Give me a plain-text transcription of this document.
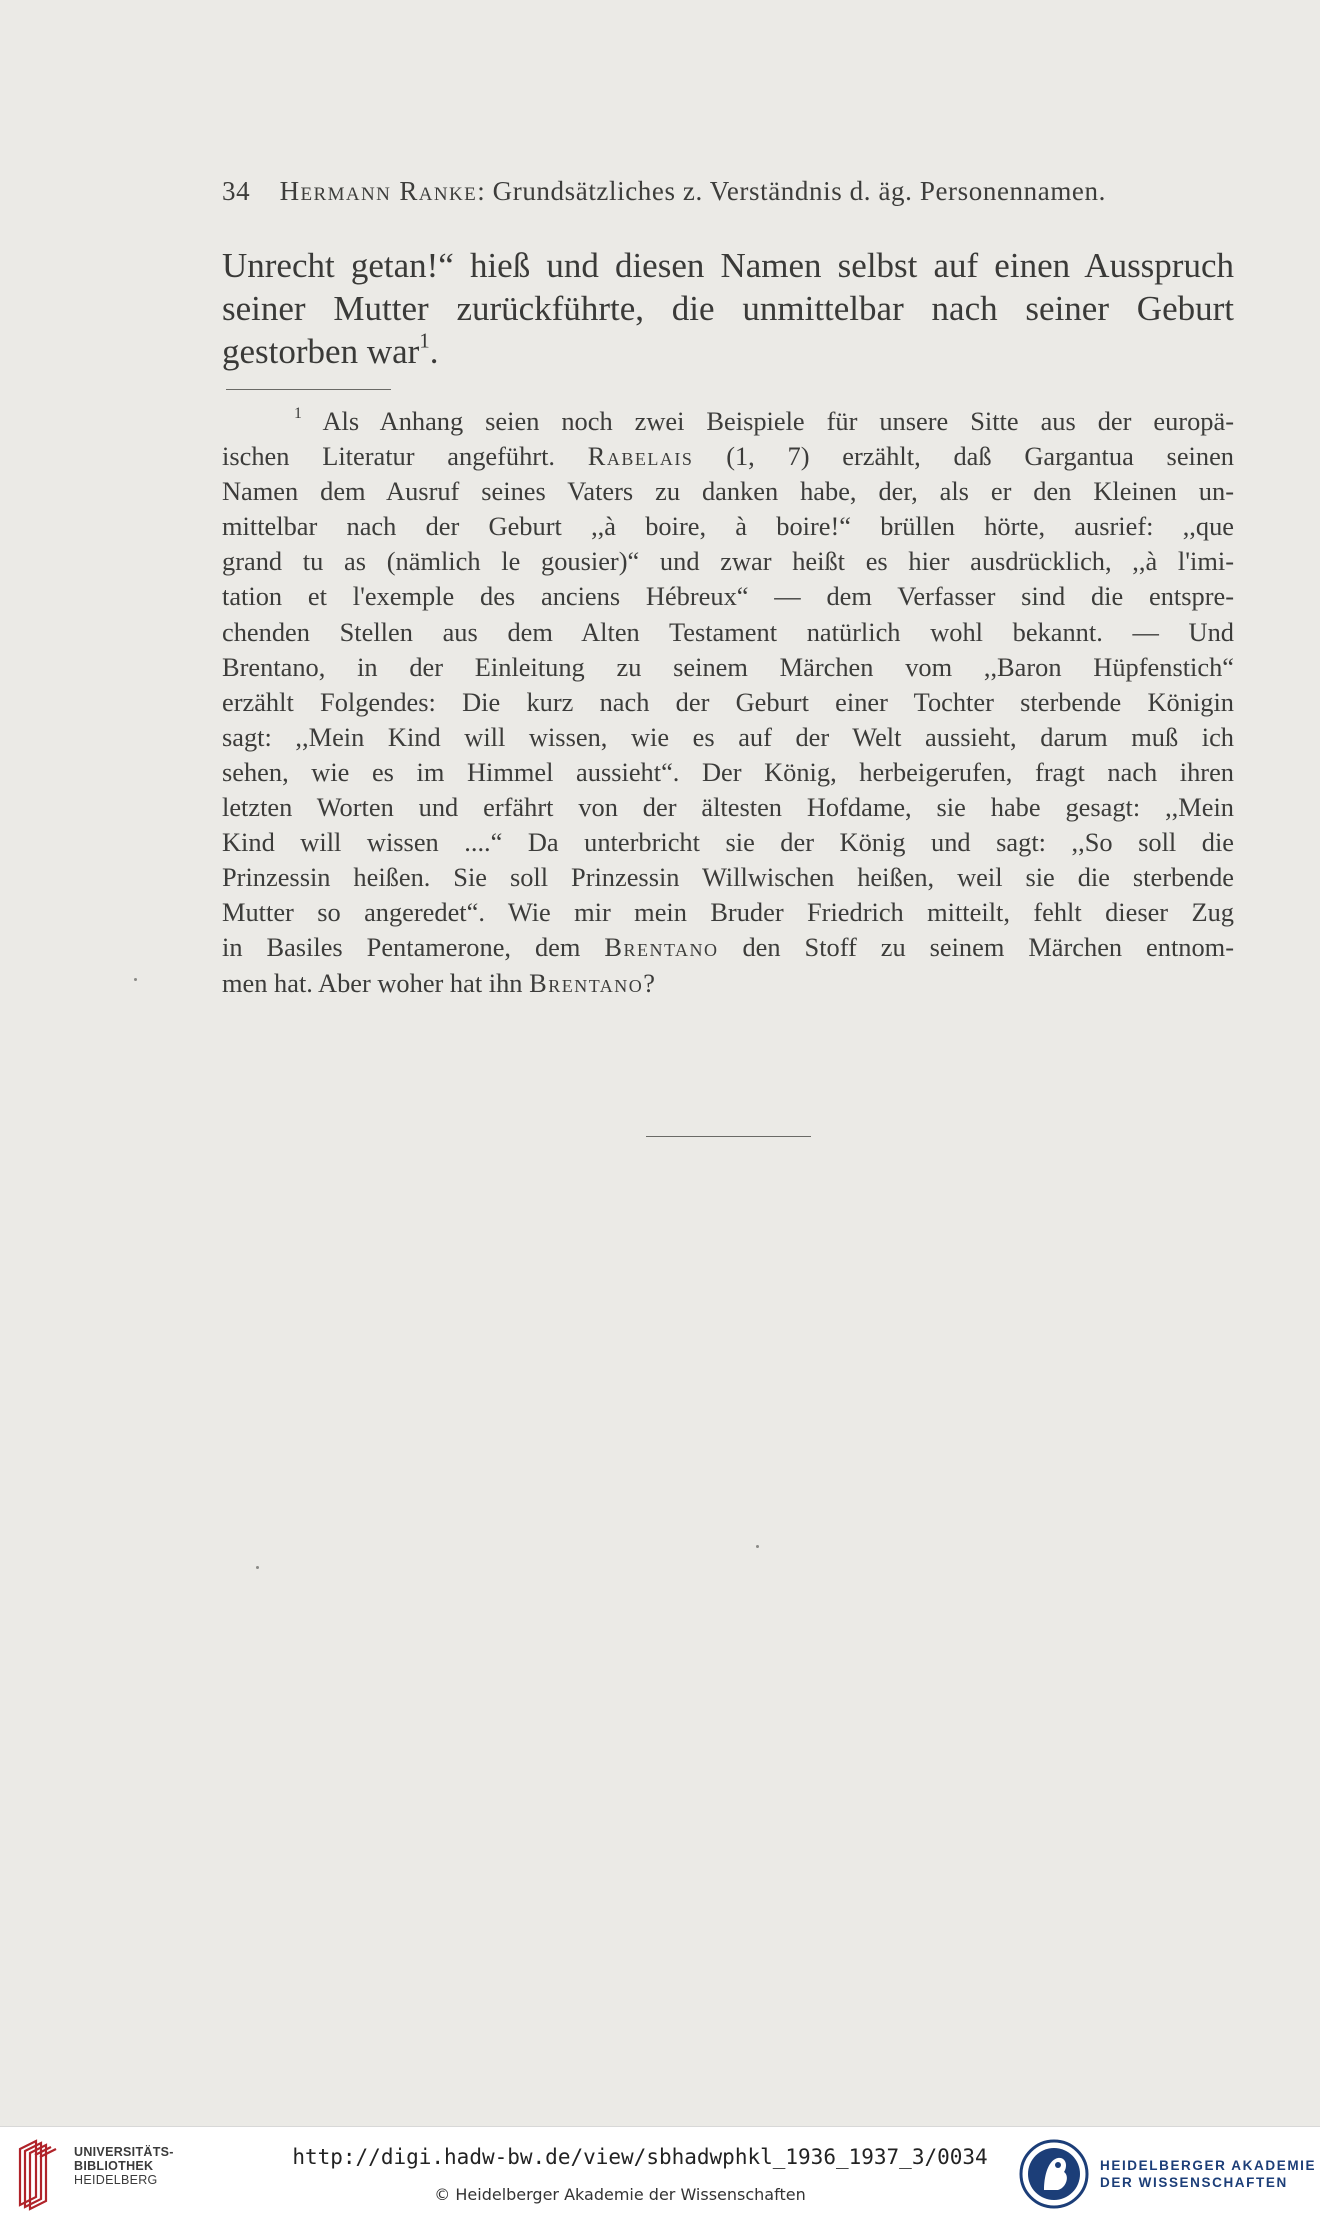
34 Hermann Ranke: Grundsätzliches z. Verständnis d. äg. Personennamen.
Unrecht getan!“ hieß und diesen Namen selbst auf einen Ausspruch
seiner Mutter zurückführte, die unmittelbar nach seiner Geburt
gestorben war$^1$.
$^1$ Als Anhang seien noch zwei Beispiele für unsere Sitte aus der europä-
ischen Literatur angeführt. Rabelais (1, 7) erzählt, daß Gargantua seinen
Namen dem Ausruf seines Vaters zu danken habe, der, als er den Kleinen un-
mittelbar nach der Geburt ,,à boire, à boire!“ brüllen hörte, ausrief: ,,que
grand tu as (nämlich le gousier)“ und zwar heißt es hier ausdrücklich, ,,à l'imi-
tation et l'exemple des anciens Hébreux“ — dem Verfasser sind die entspre-
chenden Stellen aus dem Alten Testament natürlich wohl bekannt. — Und
Brentano, in der Einleitung zu seinem Märchen vom ,,Baron Hüpfenstich“
erzählt Folgendes: Die kurz nach der Geburt einer Tochter sterbende Königin
sagt: ,,Mein Kind will wissen, wie es auf der Welt aussieht, darum muß ich
sehen, wie es im Himmel aussieht“. Der König, herbeigerufen, fragt nach ihren
letzten Worten und erfährt von der ältesten Hofdame, sie habe gesagt: ,,Mein
Kind will wissen ....“ Da unterbricht sie der König und sagt: ,,So soll die
Prinzessin heißen. Sie soll Prinzessin Willwischen heißen, weil sie die sterbende
Mutter so angeredet“. Wie mir mein Bruder Friedrich mitteilt, fehlt dieser Zug
in Basiles Pentamerone, dem Brentano den Stoff zu seinem Märchen entnom-
men hat. Aber woher hat ihn Brentano?
UNIVERSITÄTS-
BIBLIOTHEK
HEIDELBERG
http://digi.hadw-bw.de/view/sbhadwphkl_1936_1937_3/0034
© Heidelberger Akademie der Wissenschaften
HEIDELBERGER AKADEMIE
DER WISSENSCHAFTEN
